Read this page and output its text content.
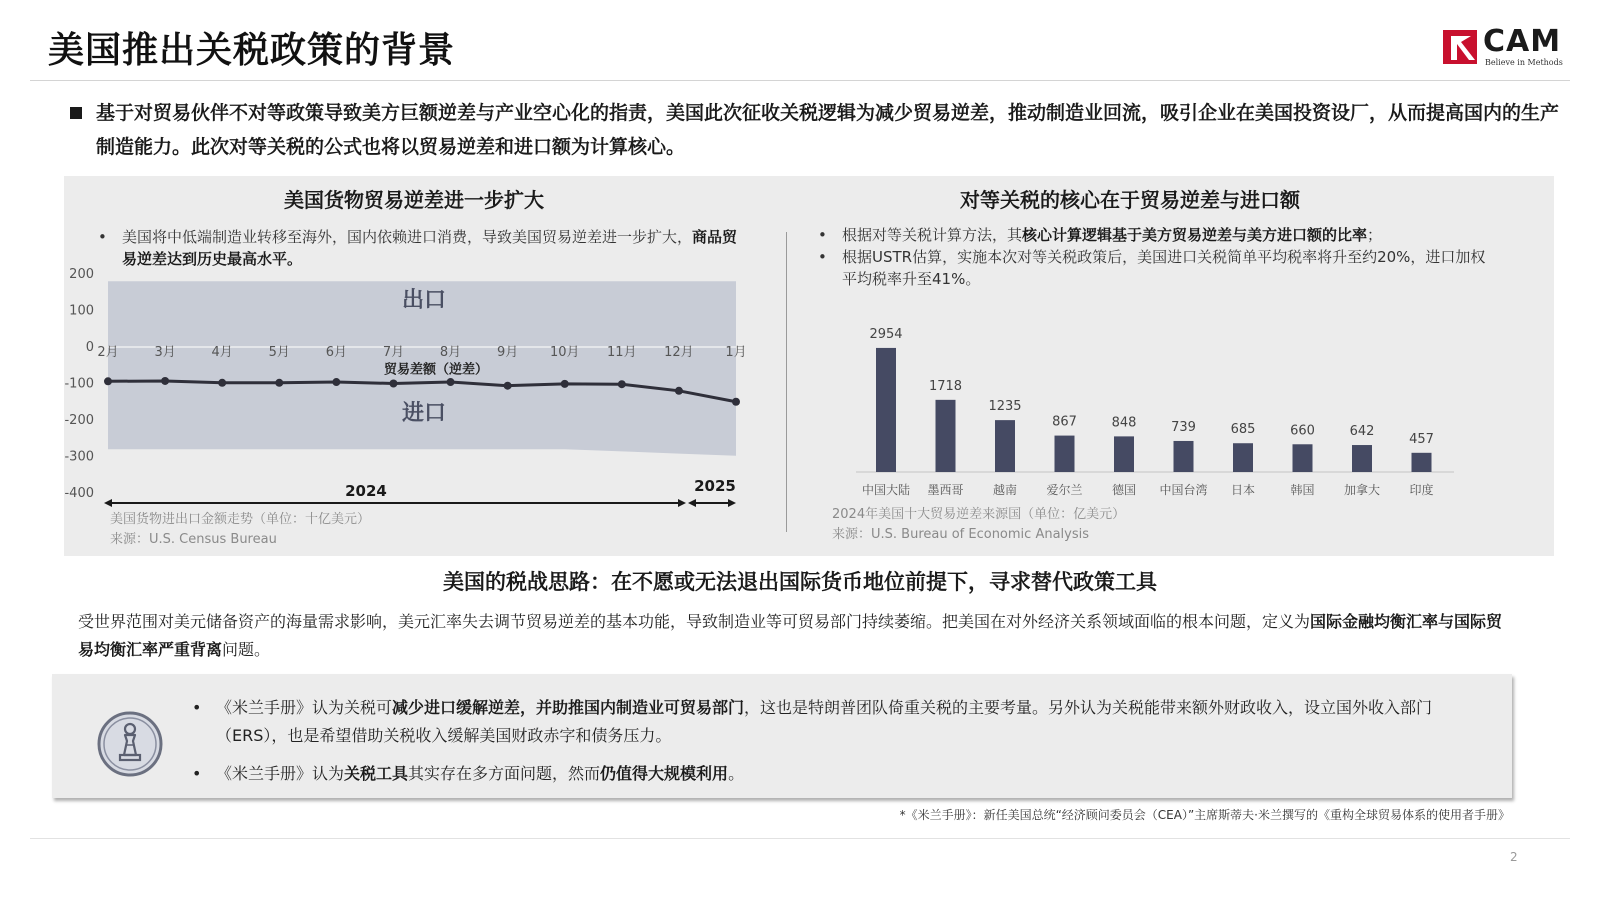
美国推出关税政策的背景	CAM
Believe in Methods
基于对贸易伙伴不对等政策导致美方巨额逆差与产业空心化的指责，美国此次征收关税逻辑为减少贸易逆差，推动制造业回流，吸引企业在美国投资设厂，从而提高国内的生产制造能力。此次对等关税的公式也将以贸易逆差和进口额为计算核心。
美国货物贸易逆差进一步扩大
•	美国将中低端制造业转移至海外，国内依赖进口消费，导致美国贸易逆差进一步扩大，商品贸易逆差达到历史最高水平。
200
100
0
-100
-200
-300
-400
2月	3月	4月	5月	6月	7月	8月	9月 10月 11月 12月 1月
出口
进口
贸易差额（逆差）
2024	2025
美国货物进出口金额走势（单位：十亿美元）
来源：U.S. Census Bureau
对等关税的核心在于贸易逆差与进口额
•	根据对等关税计算方法，其核心计算逻辑基于美方贸易逆差与美方进口额的比率；
•	根据USTR估算，实施本次对等关税政策后，美国进口关税简单平均税率将升至约20%，进口加权平均税率升至41%。
2954
中国大陆
1718
墨西哥
1235
越南
867
爱尔兰
848
德国
739
中国台湾
685
日本
660
韩国
642
加拿大
457
印度
2024年美国十大贸易逆差来源国（单位：亿美元）
来源：U.S. Bureau of Economic Analysis
美国的税战思路：在不愿或无法退出国际货币地位前提下，寻求替代政策工具
受世界范围对美元储备资产的海量需求影响，美元汇率失去调节贸易逆差的基本功能，导致制造业等可贸易部门持续萎缩。把美国在对外经济关系领域面临的根本问题，定义为国际金融均衡汇率与国际贸易均衡汇率严重背离问题。
• 《米兰手册》认为关税可减少进口缓解逆差，并助推国内制造业可贸易部门，这也是特朗普团队倚重关税的主要考量。另外认为关税能带来额外财政收入，设立国外收入部门（ERS），也是希望借助关税收入缓解美国财政赤字和债务压力。
• 《米兰手册》认为关税工具其实存在多方面问题，然而仍值得大规模利用。
*《米兰手册》：新任美国总统“经济顾问委员会（CEA）”主席斯蒂夫·米兰撰写的《重构全球贸易体系的使用者手册》
2
